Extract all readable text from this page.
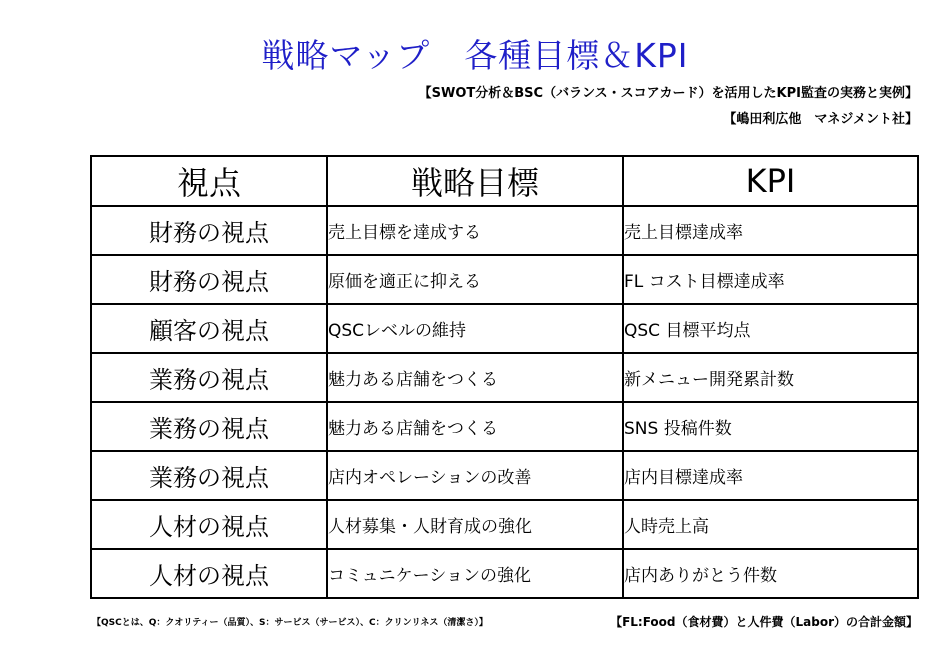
戦略マップ　各種目標＆KPI
【SWOT分析＆BSC（バランス・スコアカード）を活用したKPI監査の実務と実例】
【嶋田利広他　マネジメント社】
視点	戦略目標	KPI
財務の視点	売上目標を達成する	売上目標達成率
財務の視点	原価を適正に抑える	FL コスト目標達成率
顧客の視点	QSCレベルの維持	QSC 目標平均点
業務の視点	魅力ある店舗をつくる	新メニュー開発累計数
業務の視点	魅力ある店舗をつくる	SNS 投稿件数
業務の視点	店内オペレーションの改善	店内目標達成率
人材の視点	人材募集・人財育成の強化	人時売上高
人材の視点	コミュニケーションの強化	店内ありがとう件数
【QSCとは、Q：クオリティー（品質）、S：サービス（サービス）、C：クリンリネス（清潔さ）】	【FL:Food（食材費）と人件費（Labor）の合計金額】
